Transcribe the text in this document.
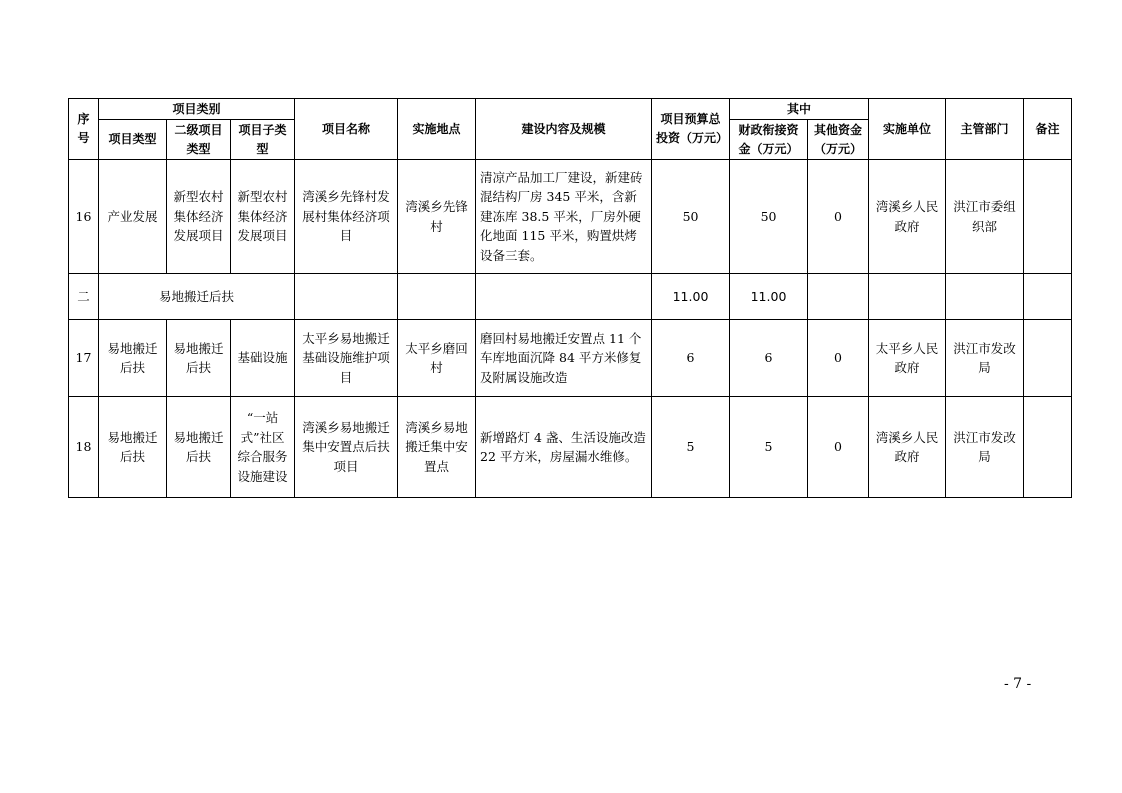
序号	项目类别			项目名称	实施地点	建设内容及规模	项目预算总投资（万元）	其中		实施单位	主管部门	备注
	项目类型	二级项目类型	项目子类型					财政衔接资金（万元）	其他资金（万元）			
16	产业发展	新型农村集体经济发展项目	新型农村集体经济发展项目	湾溪乡先锋村发展村集体经济项目	湾溪乡先锋村	清凉产品加工厂建设，新建砖混结构厂房 345 平米，含新建冻库 38.5 平米，厂房外硬化地面 115 平米，购置烘烤设备三套。	50	50	0	湾溪乡人民政府	洪江市委组织部	
二	易地搬迁后扶						11.00	11.00				
17	易地搬迁后扶	易地搬迁后扶	基础设施	太平乡易地搬迁基础设施维护项目	太平乡磨回村	磨回村易地搬迁安置点 11 个车库地面沉降 84 平方米修复及附属设施改造	6	6	0	太平乡人民政府	洪江市发改局	
18	易地搬迁后扶	易地搬迁后扶	“一站式”社区综合服务设施建设	湾溪乡易地搬迁集中安置点后扶项目	湾溪乡易地搬迁集中安置点	新增路灯 4 盏、生活设施改造 22 平方米，房屋漏水维修。	5	5	0	湾溪乡人民政府	洪江市发改局	
- 7 -
